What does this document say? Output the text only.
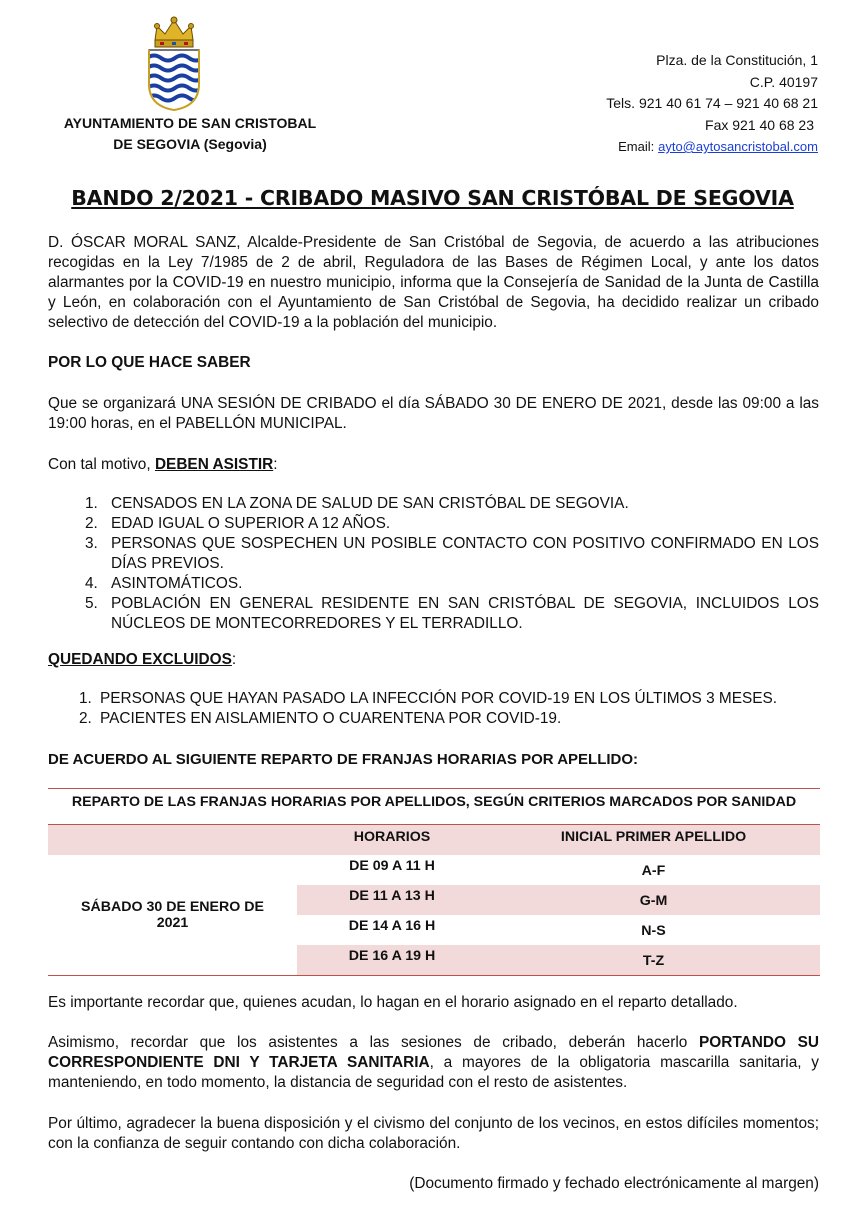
AYUNTAMIENTO DE SAN CRISTOBAL
DE SEGOVIA (Segovia)
Plza. de la Constitución, 1
C.P. 40197
Tels. 921 40 61 74 – 921 40 68 21
Fax 921 40 68 23
Email: ayto@aytosancristobal.com
BANDO 2/2021 - CRIBADO MASIVO SAN CRISTÓBAL DE SEGOVIA
D. ÓSCAR MORAL SANZ, Alcalde-Presidente de San Cristóbal de Segovia, de acuerdo a las atribuciones recogidas en la Ley 7/1985 de 2 de abril, Reguladora de las Bases de Régimen Local, y ante los datos alarmantes por la COVID-19 en nuestro municipio, informa que la Consejería de Sanidad de la Junta de Castilla y León, en colaboración con el Ayuntamiento de San Cristóbal de Segovia, ha decidido realizar un cribado selectivo de detección del COVID-19 a la población del municipio.
POR LO QUE HACE SABER
Que se organizará UNA SESIÓN DE CRIBADO el día SÁBADO 30 DE ENERO DE 2021, desde las 09:00 a las 19:00 horas, en el PABELLÓN MUNICIPAL.
Con tal motivo, DEBEN ASISTIR:
1. CENSADOS EN LA ZONA DE SALUD DE SAN CRISTÓBAL DE SEGOVIA.
2. EDAD IGUAL O SUPERIOR A 12 AÑOS.
3. PERSONAS QUE SOSPECHEN UN POSIBLE CONTACTO CON POSITIVO CONFIRMADO EN LOS DÍAS PREVIOS.
4. ASINTOMÁTICOS.
5. POBLACIÓN EN GENERAL RESIDENTE EN SAN CRISTÓBAL DE SEGOVIA, INCLUIDOS LOS NÚCLEOS DE MONTECORREDORES Y EL TERRADILLO.
QUEDANDO EXCLUIDOS:
1. PERSONAS QUE HAYAN PASADO LA INFECCIÓN POR COVID-19 EN LOS ÚLTIMOS 3 MESES.
2. PACIENTES EN AISLAMIENTO O CUARENTENA POR COVID-19.
DE ACUERDO AL SIGUIENTE REPARTO DE FRANJAS HORARIAS POR APELLIDO:
REPARTO DE LAS FRANJAS HORARIAS POR APELLIDOS, SEGÚN CRITERIOS MARCADOS POR SANIDAD		
	HORARIOS	INICIAL PRIMER APELLIDO
SÁBADO 30 DE ENERO DE 2021	DE 09 A 11 H	A-F
	DE 11 A 13 H	G-M
	DE 14 A 16 H	N-S
	DE 16 A 19 H	T-Z
Es importante recordar que, quienes acudan, lo hagan en el horario asignado en el reparto detallado.
Asimismo, recordar que los asistentes a las sesiones de cribado, deberán hacerlo PORTANDO SU CORRESPONDIENTE DNI Y TARJETA SANITARIA, a mayores de la obligatoria mascarilla sanitaria, y manteniendo, en todo momento, la distancia de seguridad con el resto de asistentes.
Por último, agradecer la buena disposición y el civismo del conjunto de los vecinos, en estos difíciles momentos; con la confianza de seguir contando con dicha colaboración.
(Documento firmado y fechado electrónicamente al margen)
